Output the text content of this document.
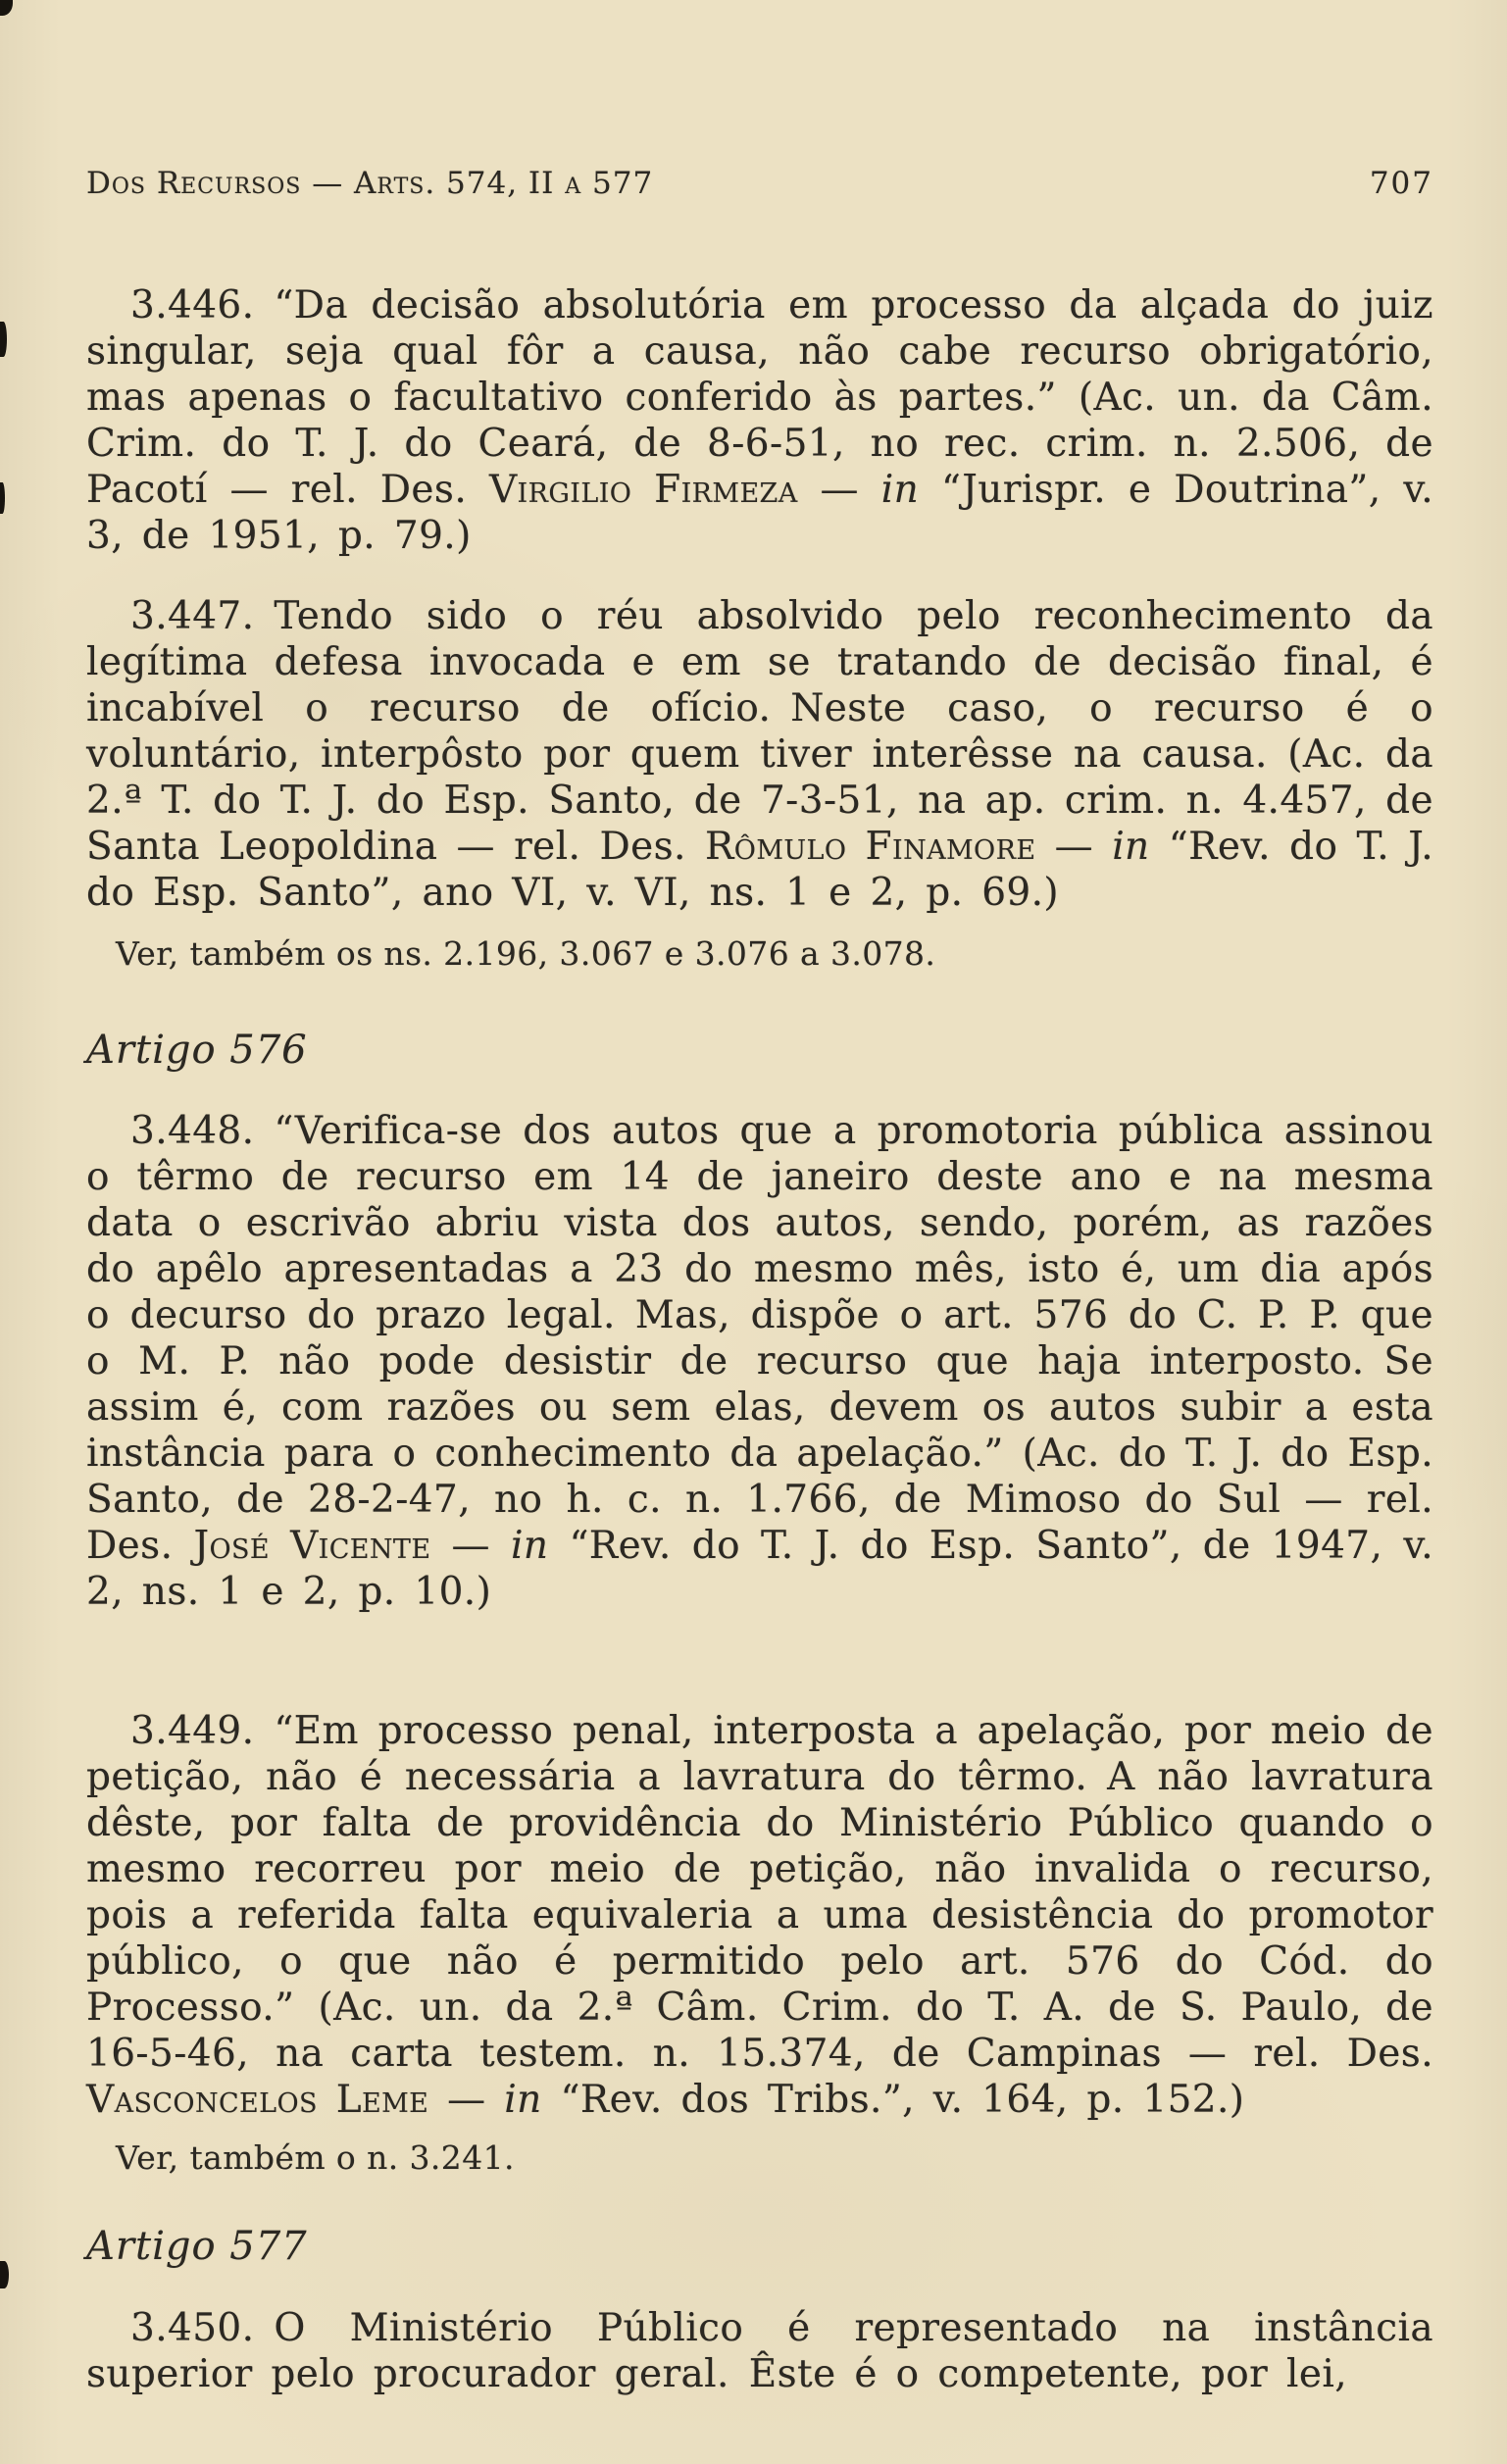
Dos Recursos — Arts. 574, II a 577	707

3.446. “Da decisão absolutória em processo da alçada do juiz singular, seja qual fôr a causa, não cabe recurso obrigatório, mas apenas o facultativo conferido às partes.” (Ac. un. da Câm. Crim. do T. J. do Ceará, de 8-6-51, no rec. crim. n. 2.506, de Pacotí — rel. Des. Virgilio Firmeza — in “Jurispr. e Doutrina”, v. 3, de 1951, p. 79.)

3.447. Tendo sido o réu absolvido pelo reconhecimento da legítima defesa invocada e em se tratando de decisão final, é incabível o recurso de ofício. Neste caso, o recurso é o voluntário, interpôsto por quem tiver interêsse na causa. (Ac. da 2.ª T. do T. J. do Esp. Santo, de 7-3-51, na ap. crim. n. 4.457, de Santa Leopoldina — rel. Des. Rômulo Finamore — in “Rev. do T. J. do Esp. Santo”, ano VI, v. VI, ns. 1 e 2, p. 69.)

Ver, também os ns. 2.196, 3.067 e 3.076 a 3.078.

Artigo 576

3.448. “Verifica-se dos autos que a promotoria pública assinou o têrmo de recurso em 14 de janeiro deste ano e na mesma data o escrivão abriu vista dos autos, sendo, porém, as razões do apêlo apresentadas a 23 do mesmo mês, isto é, um dia após o decurso do prazo legal. Mas, dispõe o art. 576 do C. P. P. que o M. P. não pode desistir de recurso que haja interposto. Se assim é, com razões ou sem elas, devem os autos subir a esta instância para o conhecimento da apelação.” (Ac. do T. J. do Esp. Santo, de 28-2-47, no h. c. n. 1.766, de Mimoso do Sul — rel. Des. José Vicente — in “Rev. do T. J. do Esp. Santo”, de 1947, v. 2, ns. 1 e 2, p. 10.)

3.449. “Em processo penal, interposta a apelação, por meio de petição, não é necessária a lavratura do têrmo. A não lavratura dêste, por falta de providência do Ministério Público quando o mesmo recorreu por meio de petição, não invalida o recurso, pois a referida falta equivaleria a uma desistência do promotor público, o que não é permitido pelo art. 576 do Cód. do Processo.” (Ac. un. da 2.ª Câm. Crim. do T. A. de S. Paulo, de 16-5-46, na carta testem. n. 15.374, de Campinas — rel. Des. Vasconcelos Leme — in “Rev. dos Tribs.”, v. 164, p. 152.)

Ver, também o n. 3.241.

Artigo 577

3.450. O Ministério Público é representado na instância superior pelo procurador geral. Êste é o competente, por lei,
